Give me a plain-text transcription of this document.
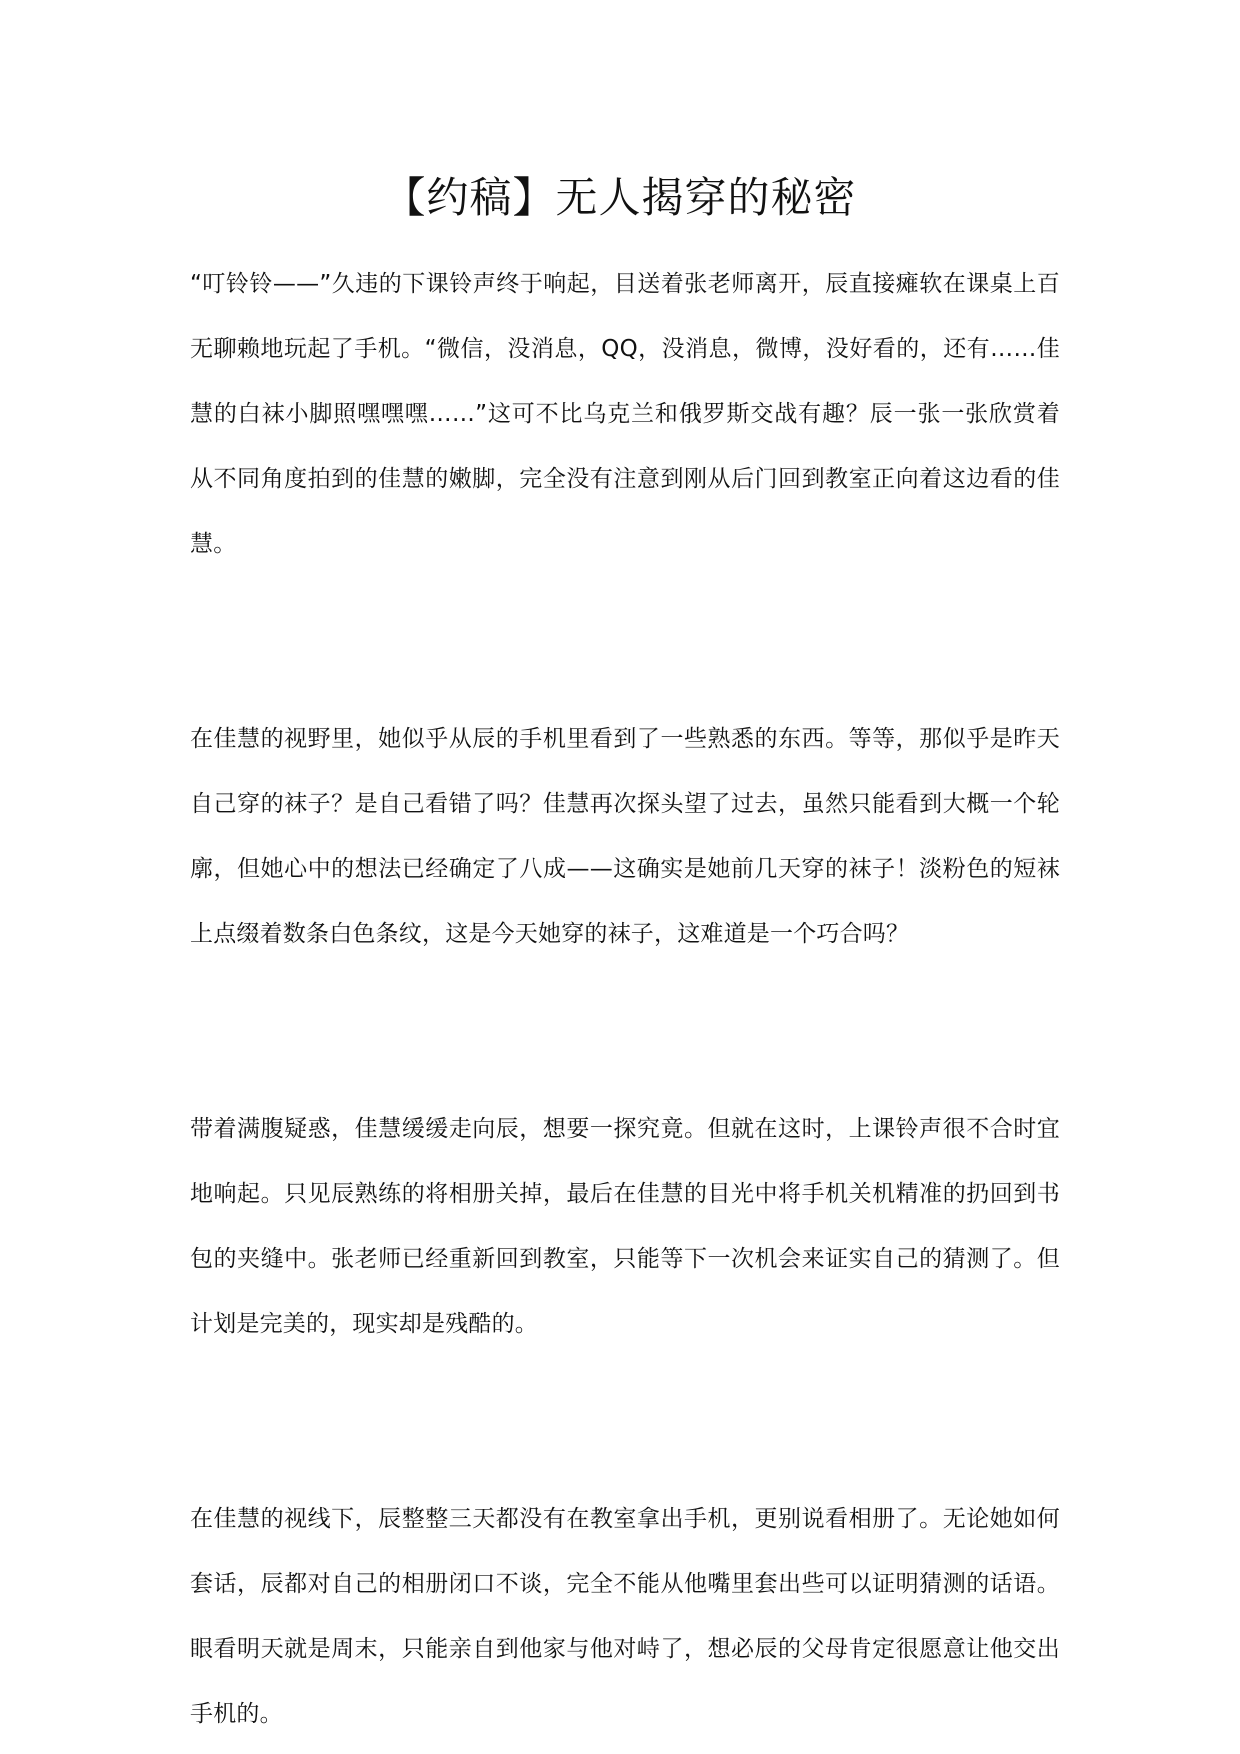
【约稿】无人揭穿的秘密

“叮铃铃——”久违的下课铃声终于响起，目送着张老师离开，辰直接瘫软在课桌上百无聊赖地玩起了手机。“微信，没消息，QQ，没消息，微博，没好看的，还有……佳慧的白袜小脚照嘿嘿嘿……”这可不比乌克兰和俄罗斯交战有趣？辰一张一张欣赏着从不同角度拍到的佳慧的嫩脚，完全没有注意到刚从后门回到教室正向着这边看的佳慧。

在佳慧的视野里，她似乎从辰的手机里看到了一些熟悉的东西。等等，那似乎是昨天自己穿的袜子？是自己看错了吗？佳慧再次探头望了过去，虽然只能看到大概一个轮廓，但她心中的想法已经确定了八成——这确实是她前几天穿的袜子！淡粉色的短袜上点缀着数条白色条纹，这是今天她穿的袜子，这难道是一个巧合吗？

带着满腹疑惑，佳慧缓缓走向辰，想要一探究竟。但就在这时，上课铃声很不合时宜地响起。只见辰熟练的将相册关掉，最后在佳慧的目光中将手机关机精准的扔回到书包的夹缝中。张老师已经重新回到教室，只能等下一次机会来证实自己的猜测了。但计划是完美的，现实却是残酷的。

在佳慧的视线下，辰整整三天都没有在教室拿出手机，更别说看相册了。无论她如何套话，辰都对自己的相册闭口不谈，完全不能从他嘴里套出些可以证明猜测的话语。眼看明天就是周末，只能亲自到他家与他对峙了，想必辰的父母肯定很愿意让他交出手机的。
